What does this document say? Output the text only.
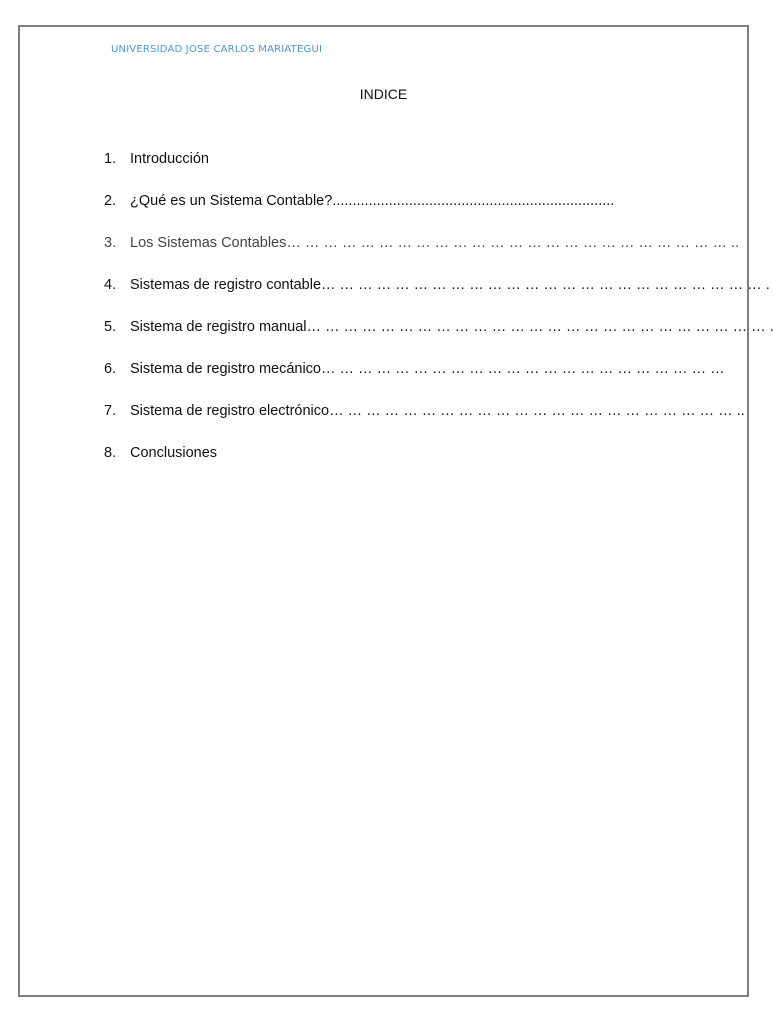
UNIVERSIDAD JOSE CARLOS MARIATEGUI
INDICE
1. Introducción
2. ¿Qué es un Sistema Contable?......................................................................
3. Los Sistemas Contables… … … … … … … … … … … … … … … … … … … … … … … … ..
4. Sistemas de registro contable… … … … … … … … … … … … … … … … … … … … … … … … .
5. Sistema de registro manual… … … … … … … … … … … … … … … … … … … … … … … … … .
6. Sistema de registro mecánico… … … … … … … … … … … … … … … … … … … … … …
7. Sistema de registro electrónico… … … … … … … … … … … … … … … … … … … … … … ..
8. Conclusiones
